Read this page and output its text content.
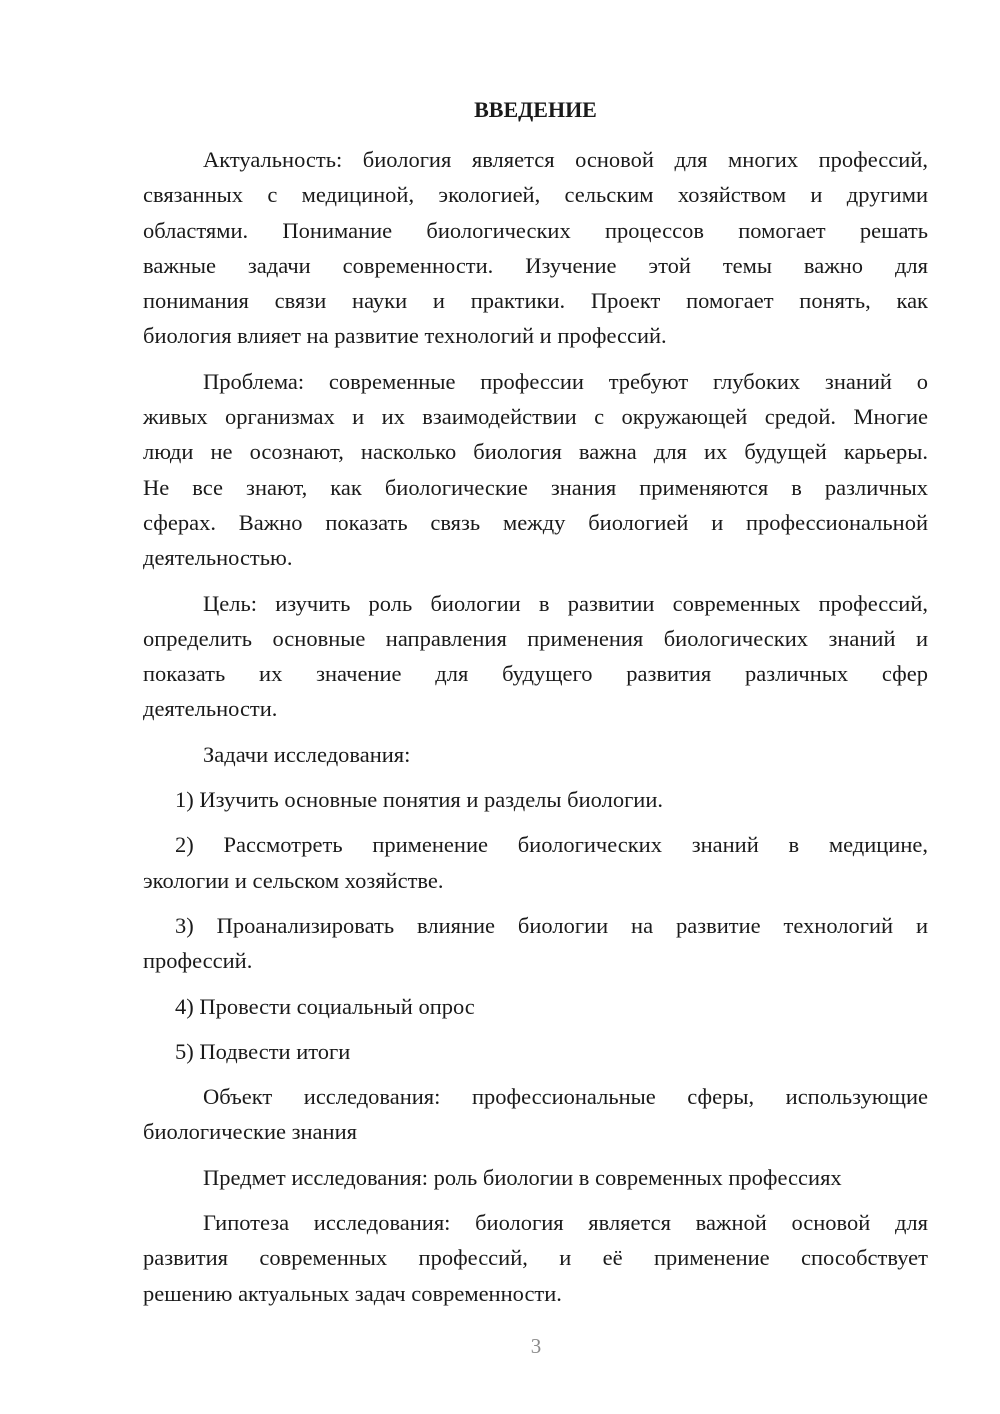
ВВЕДЕНИЕ
Актуальность: биология является основой для многих профессий,
связанных с медициной, экологией, сельским хозяйством и другими
областями. Понимание биологических процессов помогает решать
важные задачи современности. Изучение этой темы важно для
понимания связи науки и практики. Проект помогает понять, как
биология влияет на развитие технологий и профессий.
Проблема: современные профессии требуют глубоких знаний о
живых организмах и их взаимодействии с окружающей средой. Многие
люди не осознают, насколько биология важна для их будущей карьеры.
Не все знают, как биологические знания применяются в различных
сферах. Важно показать связь между биологией и профессиональной
деятельностью.
Цель: изучить роль биологии в развитии современных профессий,
определить основные направления применения биологических знаний и
показать их значение для будущего развития различных сфер
деятельности.
Задачи исследования:
1) Изучить основные понятия и разделы биологии.
2) Рассмотреть применение биологических знаний в медицине,
экологии и сельском хозяйстве.
3) Проанализировать влияние биологии на развитие технологий и
профессий.
4) Провести социальный опрос
5) Подвести итоги
Объект исследования: профессиональные сферы, использующие
биологические знания
Предмет исследования: роль биологии в современных профессиях
Гипотеза исследования: биология является важной основой для
развития современных профессий, и её применение способствует
решению актуальных задач современности.
3
